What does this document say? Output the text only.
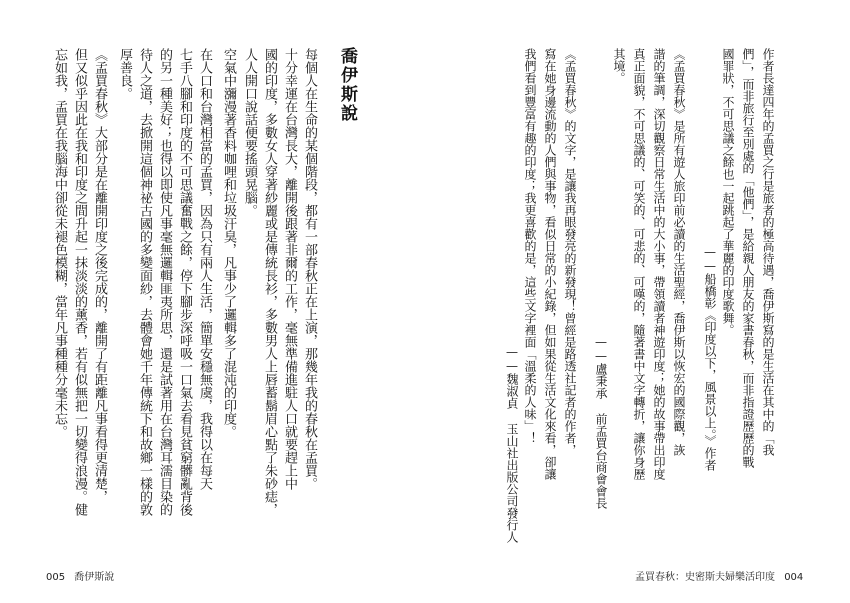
喬伊斯說
每個人在生命的某個階段，都有一部春秋正在上演，那幾年我的春秋在孟買。
十分幸運在台灣長大，離開後跟著非爾的工作，毫無準備進駐人口就要趕上中
國的印度，多數女人穿著紗麗或是傳統長衫，多數男人上唇蓄鬍眉心點了朱砂痣，
人人開口說話便要搖頭晃腦。
空氣中瀰漫著香料咖哩和垃圾汗臭，凡事少了邏輯多了混沌的印度。
在人口和台灣相當的孟買，因為只有兩人生活，簡單安穩無虞，我得以在每天
七手八腳和印度的不可思議奮戰之餘，停下腳步深呼吸一口氣去看見貧窮髒亂背後
的另一種美好；也得以即使凡事毫無邏輯匪夷所思，還是試著用在台灣耳濡目染的
待人之道，去掀開這個神祕古國的多變面紗，去體會她千年傳統下和故鄉一樣的敦
厚善良。
《孟買春秋》大部分是在離開印度之後完成的，離開了有距離凡事看得更清楚，
但又似乎因此在我和印度之間升起一抹淡淡的薰香，若有似無把一切變得浪漫。健
忘如我，孟買在我腦海中卻從未褪色模糊，當年凡事種種分毫未忘。
005 喬伊斯說
作者長達四年的孟買之行是旅者的極高待遇，喬伊斯寫的是生活在其中的「我
們」，而非旅行至別處的「他們」，是給親人朋友的家書春秋，而非指證歷歷的戰
國罪狀，不可思議之餘也一起跳起了華麗的印度歌舞。
——船橋彰《印度以下，風景以上。》作者
《孟買春秋》是所有遊人旅印前必讀的生活聖經，喬伊斯以恢宏的國際觀，詼
諧的筆調，深切觀察日常生活中的大小事，帶領讀者神遊印度；她的故事帶出印度
真正面貌，不可思議的、可笑的、可悲的、可嘆的，隨著書中文字轉折，讓你身歷
其境。
——盧秉承 前孟買台商會會長
《孟買春秋》的文字，是讓我再眼發亮的新發現！曾經是路透社記者的作者，
寫在她身邊流動的人們與事物，看似日常的小紀錄，但如果從生活文化來看，卻讓
我們看到豐富有趣的印度；我更喜歡的是，這些文字裡面「溫柔的人味」！
——魏淑貞 玉山社出版公司發行人
孟買春秋：史密斯夫婦樂活印度 004
